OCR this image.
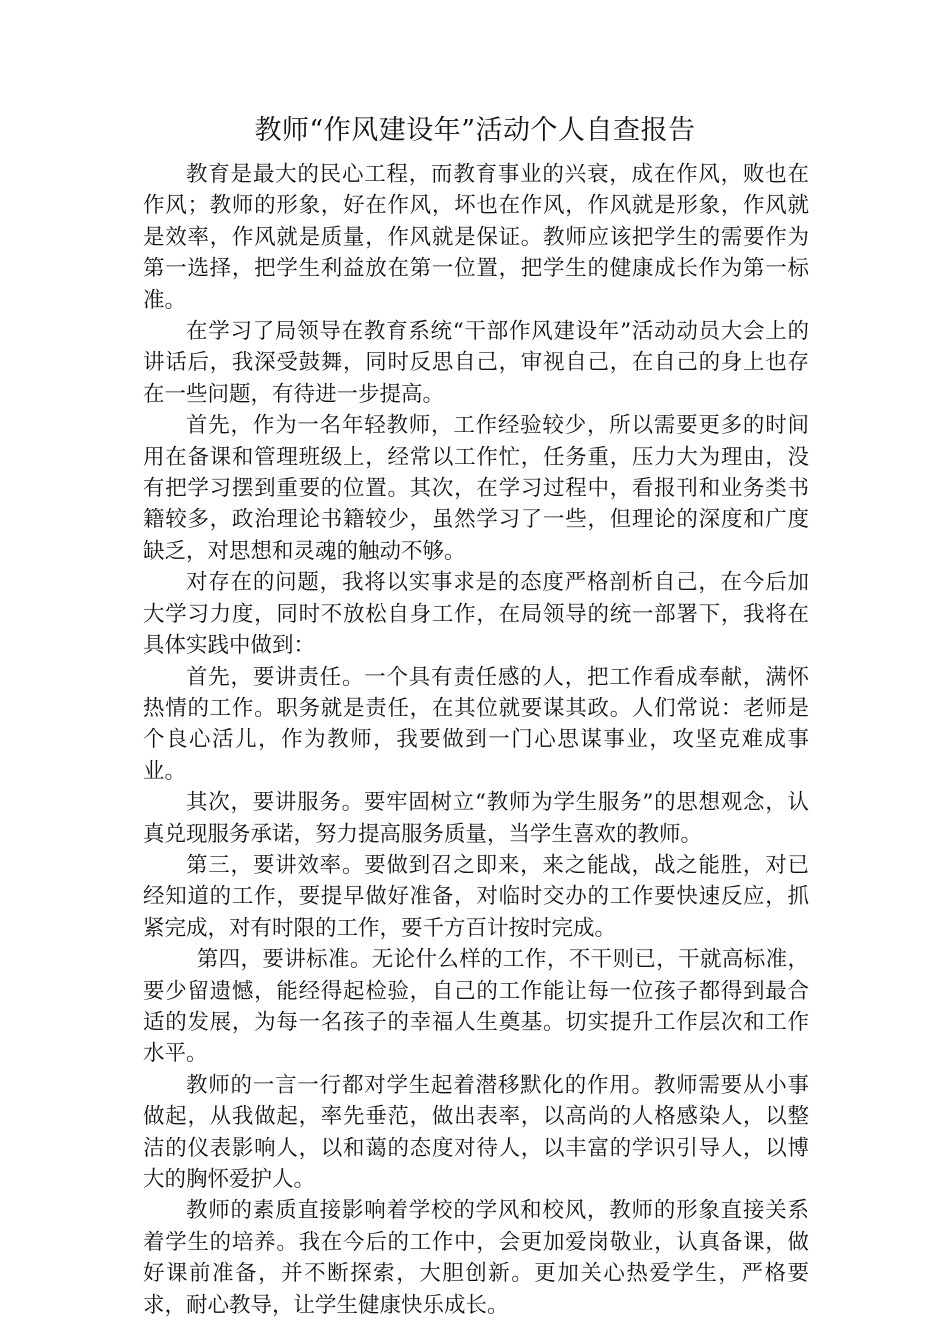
教师“作风建设年”活动个人自查报告

教育是最大的民心工程，而教育事业的兴衰，成在作风，败也在作风；教师的形象，好在作风，坏也在作风，作风就是形象，作风就是效率，作风就是质量，作风就是保证。教师应该把学生的需要作为第一选择，把学生利益放在第一位置，把学生的健康成长作为第一标准。

在学习了局领导在教育系统“干部作风建设年”活动动员大会上的讲话后，我深受鼓舞，同时反思自己，审视自己，在自己的身上也存在一些问题，有待进一步提高。

首先，作为一名年轻教师，工作经验较少，所以需要更多的时间用在备课和管理班级上，经常以工作忙，任务重，压力大为理由，没有把学习摆到重要的位置。其次，在学习过程中，看报刊和业务类书籍较多，政治理论书籍较少，虽然学习了一些，但理论的深度和广度缺乏，对思想和灵魂的触动不够。

对存在的问题，我将以实事求是的态度严格剖析自己，在今后加大学习力度，同时不放松自身工作，在局领导的统一部署下，我将在具体实践中做到：

首先，要讲责任。一个具有责任感的人，把工作看成奉献，满怀热情的工作。职务就是责任，在其位就要谋其政。人们常说：老师是个良心活儿，作为教师，我要做到一门心思谋事业，攻坚克难成事业。

其次，要讲服务。要牢固树立“教师为学生服务”的思想观念，认真兑现服务承诺，努力提高服务质量，当学生喜欢的教师。

第三，要讲效率。要做到召之即来，来之能战，战之能胜，对已经知道的工作，要提早做好准备，对临时交办的工作要快速反应，抓紧完成，对有时限的工作，要千方百计按时完成。

第四，要讲标准。无论什么样的工作，不干则已，干就高标准，要少留遗憾，能经得起检验，自己的工作能让每一位孩子都得到最合适的发展，为每一名孩子的幸福人生奠基。切实提升工作层次和工作水平。

教师的一言一行都对学生起着潜移默化的作用。教师需要从小事做起，从我做起，率先垂范，做出表率，以高尚的人格感染人，以整洁的仪表影响人，以和蔼的态度对待人，以丰富的学识引导人，以博大的胸怀爱护人。

教师的素质直接影响着学校的学风和校风，教师的形象直接关系着学生的培养。我在今后的工作中，会更加爱岗敬业，认真备课，做好课前准备，并不断探索，大胆创新。更加关心热爱学生，严格要求，耐心教导，让学生健康快乐成长。
